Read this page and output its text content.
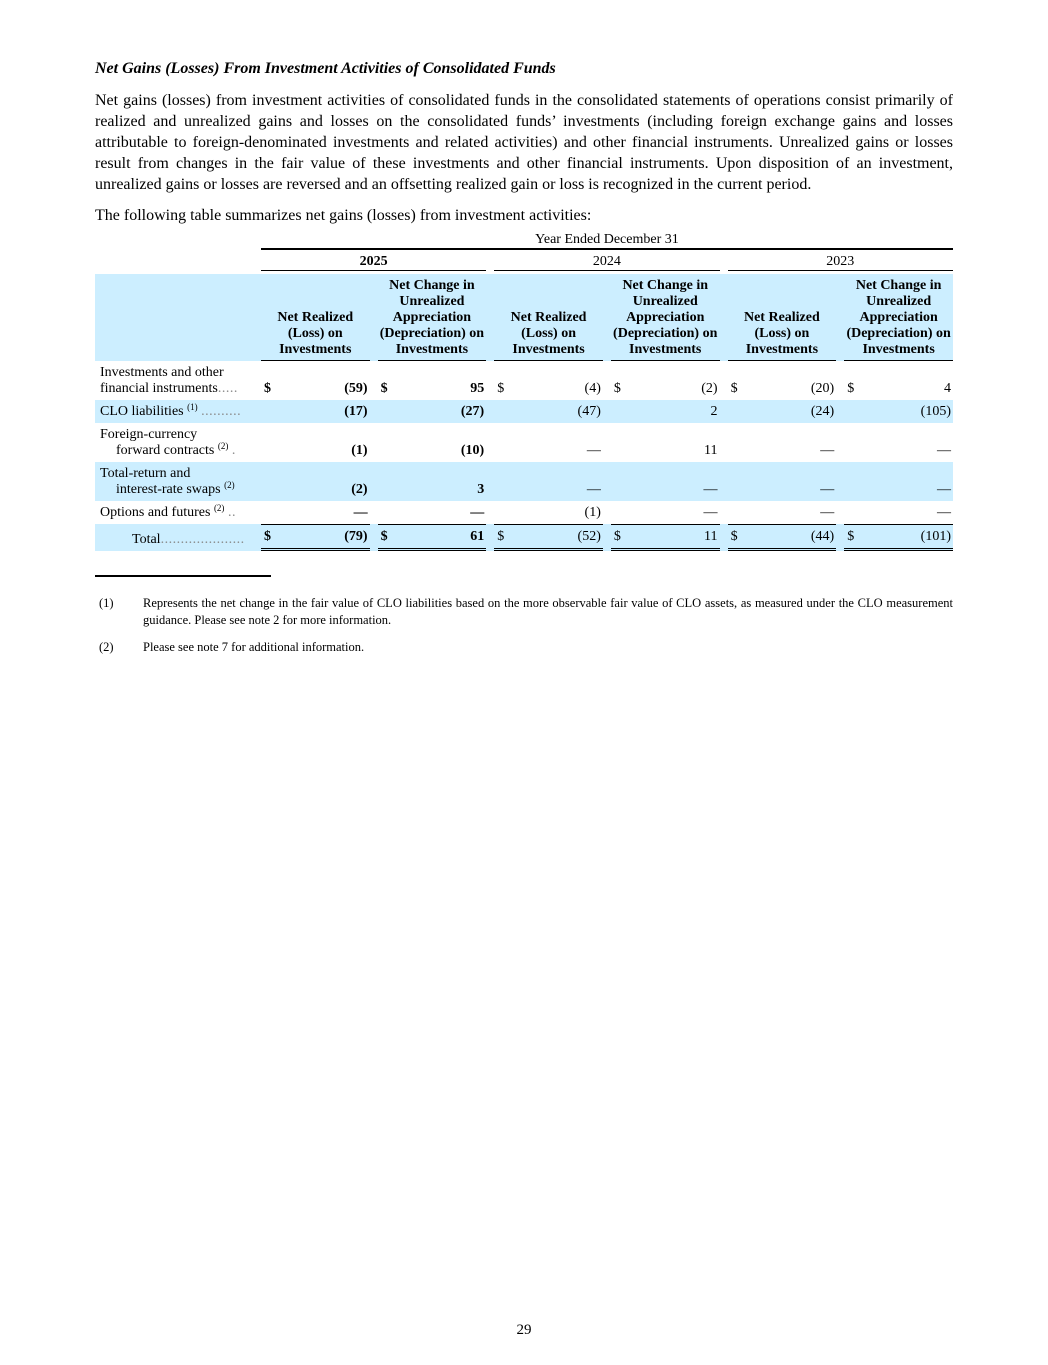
Net Gains (Losses) From Investment Activities of Consolidated Funds
Net gains (losses) from investment activities of consolidated funds in the consolidated statements of operations consist primarily of realized and unrealized gains and losses on the consolidated funds’ investments (including foreign exchange gains and losses attributable to foreign-denominated investments and related activities) and other financial instruments. Unrealized gains or losses result from changes in the fair value of these investments and other financial instruments. Upon disposition of an investment, unrealized gains or losses are reversed and an offsetting realized gain or loss is recognized in the current period.
The following table summarizes net gains (losses) from investment activities:
	Year Ended December 31																
	2025						2024						2023				

	Net Realized (Loss) on Investments			Net Change in Unrealized Appreciation (Depreciation) on Investments			Net Realized (Loss) on Investments			Net Change in Unrealized Appreciation (Depreciation) on Investments			Net Realized (Loss) on Investments			Net Change in Unrealized Appreciation (Depreciation) on Investments	

Investments and other
financial instruments.....	$	(59)		$	95		$	(4)		$	(2)		$	(20)		$	4
CLO liabilities $^{(1)}$ ..........		(17)			(27)			(47)			2			(24)			(105)

Foreign-currency
forward contracts $^{(2)}$ .		(1)			(10)			—			11			—			—

Total-return and
interest-rate swaps $^{(2)}$		(2)			3			—			—			—			—
Options and futures $^{(2)}$ ..		—			—			(1)			—			—			—
Total.....................	$	(79)		$	61		$	(52)		$	11		$	(44)		$	(101)
(1)	Represents the net change in the fair value of CLO liabilities based on the more observable fair value of CLO assets, as measured under the CLO measurement guidance. Please see note 2 for more information.
(2)	Please see note 7 for additional information.
29
